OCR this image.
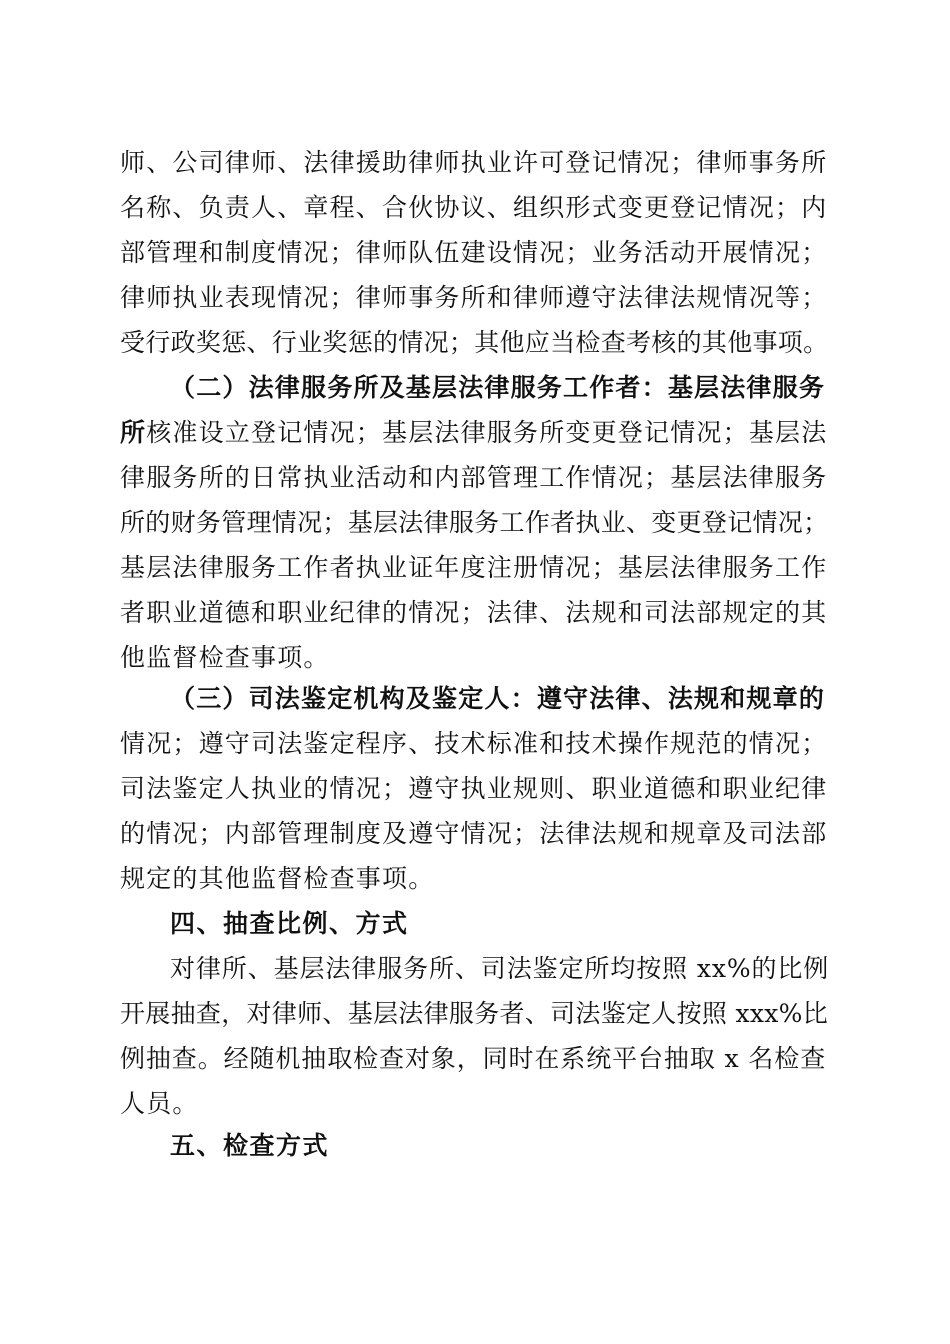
师、公司律师、法律援助律师执业许可登记情况；律师事务所
名称、负责人、章程、合伙协议、组织形式变更登记情况；内
部管理和制度情况；律师队伍建设情况；业务活动开展情况；
律师执业表现情况；律师事务所和律师遵守法律法规情况等；
受行政奖惩、行业奖惩的情况；其他应当检查考核的其他事项。
（二）法律服务所及基层法律服务工作者：基层法律服务
所核准设立登记情况；基层法律服务所变更登记情况；基层法
律服务所的日常执业活动和内部管理工作情况；基层法律服务
所的财务管理情况；基层法律服务工作者执业、变更登记情况；
基层法律服务工作者执业证年度注册情况；基层法律服务工作
者职业道德和职业纪律的情况；法律、法规和司法部规定的其
他监督检查事项。
（三）司法鉴定机构及鉴定人：遵守法律、法规和规章的
情况；遵守司法鉴定程序、技术标准和技术操作规范的情况；
司法鉴定人执业的情况；遵守执业规则、职业道德和职业纪律
的情况；内部管理制度及遵守情况；法律法规和规章及司法部
规定的其他监督检查事项。
四、抽查比例、方式
对律所、基层法律服务所、司法鉴定所均按照 xx%的比例
开展抽查，对律师、基层法律服务者、司法鉴定人按照 xxx%比
例抽查。经随机抽取检查对象，同时在系统平台抽取 x 名检查
人员。
五、检查方式
